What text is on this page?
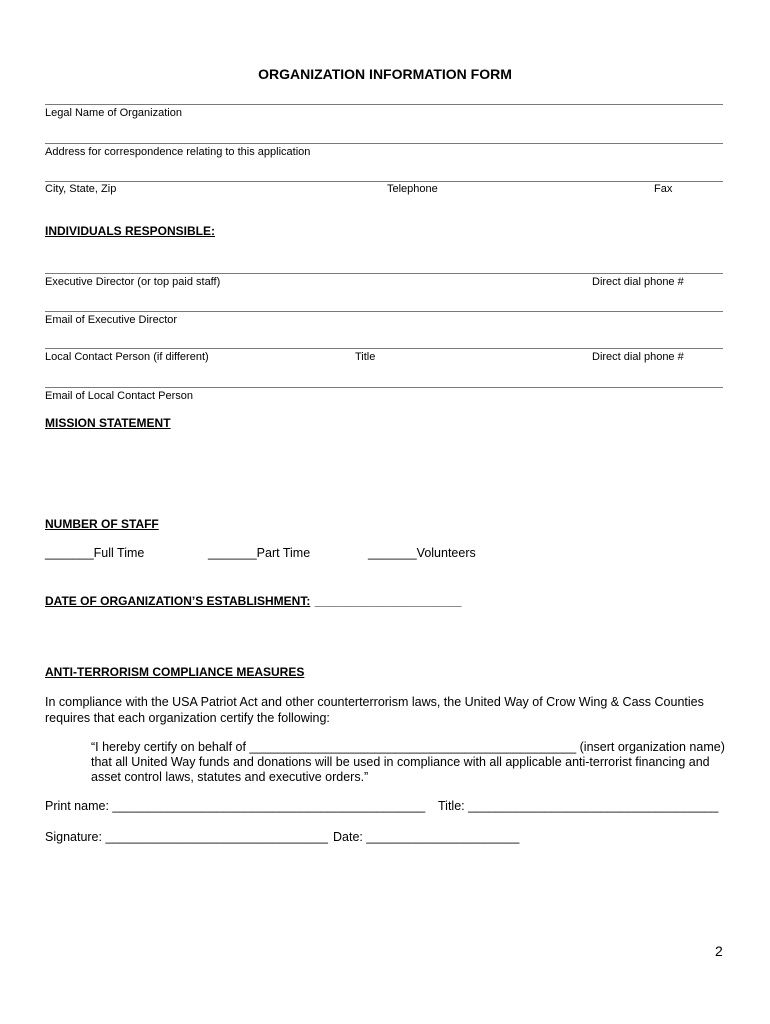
ORGANIZATION INFORMATION FORM
Legal Name of Organization
Address for correspondence relating to this application
City, State, Zip	Telephone	Fax
INDIVIDUALS RESPONSIBLE:
Executive Director (or top paid staff)	Direct dial phone #
Email of Executive Director
Local Contact Person (if different)	Title	Direct dial phone #
Email of Local Contact Person
MISSION STATEMENT
NUMBER OF STAFF
_______Full Time	_______Part Time	_______Volunteers
DATE OF ORGANIZATION’S ESTABLISHMENT: ______________________
ANTI-TERRORISM COMPLIANCE MEASURES
In compliance with the USA Patriot Act and other counterterrorism laws, the United Way of Crow Wing & Cass Counties
requires that each organization certify the following:
“I hereby certify on behalf of _______________________________________________ (insert organization name)
that all United Way funds and donations will be used in compliance with all applicable anti-terrorist financing and
asset control laws, statutes and executive orders.”
Print name: _____________________________________________ Title: ____________________________________
Signature: ________________________________ Date: ______________________
2
